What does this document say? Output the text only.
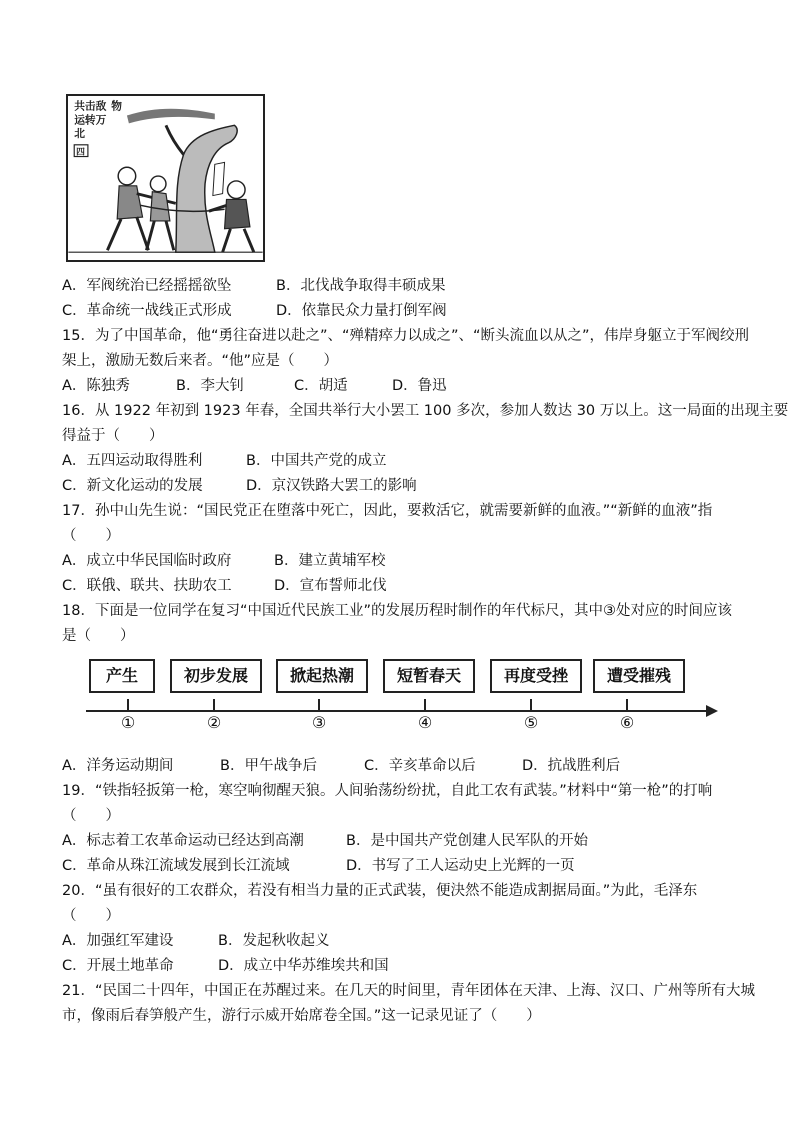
共击敌 物
运转万
北
四
A．军阀统治已经摇摇欲坠	B．北伐战争取得丰硕成果
C．革命统一战线正式形成	D．依靠民众力量打倒军阀
15．为了中国革命，他“勇往奋进以赴之”、“殚精瘁力以成之”、“断头流血以从之”，伟岸身躯立于军阀绞刑
架上，激励无数后来者。“他”应是（　　）
A．陈独秀	B．李大钊	C．胡适	D．鲁迅
16．从 1922 年初到 1923 年春，全国共举行大小罢工 100 多次，参加人数达 30 万以上。这一局面的出现主要
得益于（　　）
A．五四运动取得胜利	B．中国共产党的成立
C．新文化运动的发展	D．京汉铁路大罢工的影响
17．孙中山先生说：“国民党正在堕落中死亡，因此，要救活它，就需要新鲜的血液。”“新鲜的血液”指
（　　）
A．成立中华民国临时政府	B．建立黄埔军校
C．联俄、联共、扶助农工	D．宣布誓师北伐
18．下面是一位同学在复习“中国近代民族工业”的发展历程时制作的年代标尺，其中③处对应的时间应该
是（　　）
产生	初步发展	掀起热潮	短暂春天	再度受挫	遭受摧残
①	②	③	④	⑤	⑥
A．洋务运动期间	B．甲午战争后	C．辛亥革命以后	D．抗战胜利后
19．“铁指轻扳第一枪，寒空响彻醒天狼。人间骀荡纷纷扰，自此工农有武装。”材料中“第一枪”的打响
（　　）
A．标志着工农革命运动已经达到高潮	B．是中国共产党创建人民军队的开始
C．革命从珠江流域发展到长江流域	D．书写了工人运动史上光辉的一页
20．“虽有很好的工农群众，若没有相当力量的正式武装，便決然不能造成割据局面。”为此，毛泽东
（　　）
A．加强红军建设	B．发起秋收起义
C．开展土地革命	D．成立中华苏维埃共和国
21．“民国二十四年，中国正在苏醒过来。在几天的时间里，青年团体在天津、上海、汉口、广州等所有大城
市，像雨后春笋般产生，游行示威开始席卷全国。”这一记录见证了（　　）
